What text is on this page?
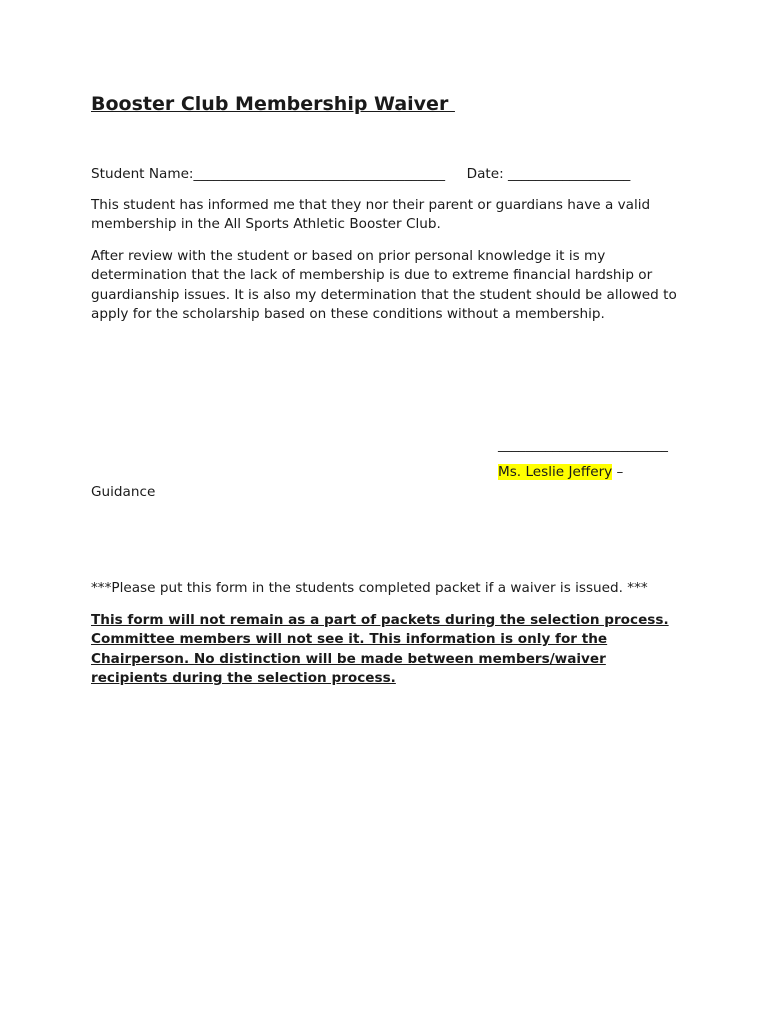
Booster Club Membership Waiver
Student Name:_____________________________________     Date: __________________

This student has informed me that they nor their parent or guardians have a valid membership in the All Sports Athletic Booster Club.

After review with the student or based on prior personal knowledge it is my determination that the lack of membership is due to extreme financial hardship or guardianship issues. It is also my determination that the student should be allowed to apply for the scholarship based on these conditions without a membership.

_________________________
Ms. Leslie Jeffery –
Guidance
***Please put this form in the students completed packet if a waiver is issued. ***

This form will not remain as a part of packets during the selection process.
Committee members will not see it. This information is only for the
Chairperson. No distinction will be made between members/waiver
recipients during the selection process.
